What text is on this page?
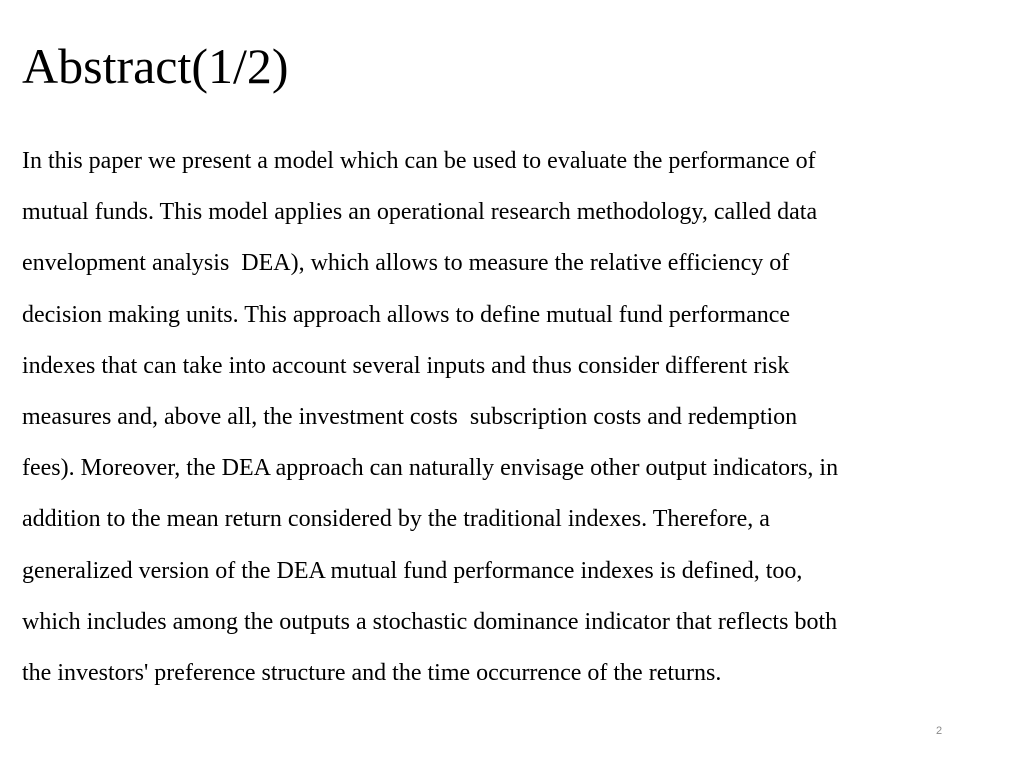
Abstract(1/2)
In this paper we present a model which can be used to evaluate the performance of
mutual funds. This model applies an operational research methodology, called data
envelopment analysis  DEA), which allows to measure the relative efficiency of
decision making units. This approach allows to define mutual fund performance
indexes that can take into account several inputs and thus consider different risk
measures and, above all, the investment costs  subscription costs and redemption
fees). Moreover, the DEA approach can naturally envisage other output indicators, in
addition to the mean return considered by the traditional indexes. Therefore, a
generalized version of the DEA mutual fund performance indexes is defined, too,
which includes among the outputs a stochastic dominance indicator that reflects both
the investors' preference structure and the time occurrence of the returns.
2
